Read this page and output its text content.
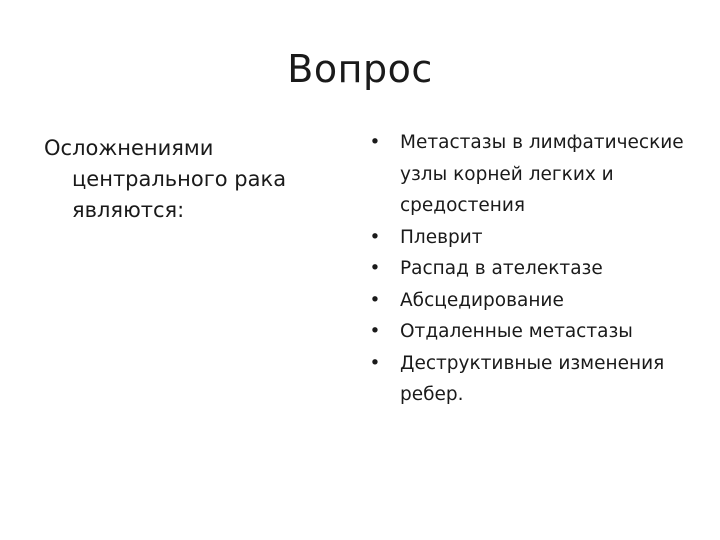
Вопрос
Осложнениями центрального рака являются:
• Метастазы в лимфатические узлы корней легких и средостения
• Плеврит
• Распад в ателектазе
• Абсцедирование
• Отдаленные метастазы
• Деструктивные изменения ребер.
